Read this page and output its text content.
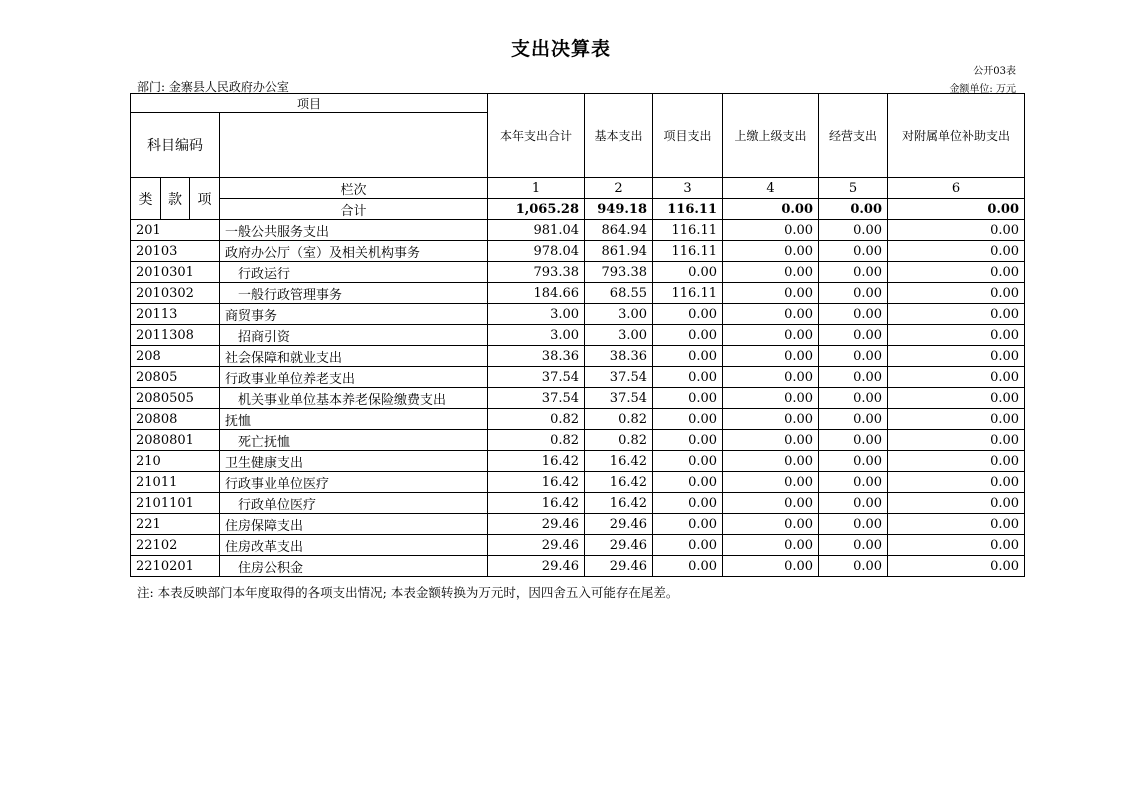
支出决算表
公开03表
部门: 金寨县人民政府办公室	金额单位: 万元
项目				本年支出合计	基本支出	项目支出	上缴上级支出	经营支出	对附属单位补助支出
科目编码									
类	款	项	栏次	1	2	3	4	5	6
			合计	1,065.28	949.18	116.11	0.00	0.00	0.00
201			一般公共服务支出	981.04	864.94	116.11	0.00	0.00	0.00
20103			政府办公厅（室）及相关机构事务	978.04	861.94	116.11	0.00	0.00	0.00
2010301			行政运行	793.38	793.38	0.00	0.00	0.00	0.00
2010302			一般行政管理事务	184.66	68.55	116.11	0.00	0.00	0.00
20113			商贸事务	3.00	3.00	0.00	0.00	0.00	0.00
2011308			招商引资	3.00	3.00	0.00	0.00	0.00	0.00
208			社会保障和就业支出	38.36	38.36	0.00	0.00	0.00	0.00
20805			行政事业单位养老支出	37.54	37.54	0.00	0.00	0.00	0.00
2080505			机关事业单位基本养老保险缴费支出	37.54	37.54	0.00	0.00	0.00	0.00
20808			抚恤	0.82	0.82	0.00	0.00	0.00	0.00
2080801			死亡抚恤	0.82	0.82	0.00	0.00	0.00	0.00
210			卫生健康支出	16.42	16.42	0.00	0.00	0.00	0.00
21011			行政事业单位医疗	16.42	16.42	0.00	0.00	0.00	0.00
2101101			行政单位医疗	16.42	16.42	0.00	0.00	0.00	0.00
221			住房保障支出	29.46	29.46	0.00	0.00	0.00	0.00
22102			住房改革支出	29.46	29.46	0.00	0.00	0.00	0.00
2210201			住房公积金	29.46	29.46	0.00	0.00	0.00	0.00
注: 本表反映部门本年度取得的各项支出情况; 本表金额转换为万元时，因四舍五入可能存在尾差。
